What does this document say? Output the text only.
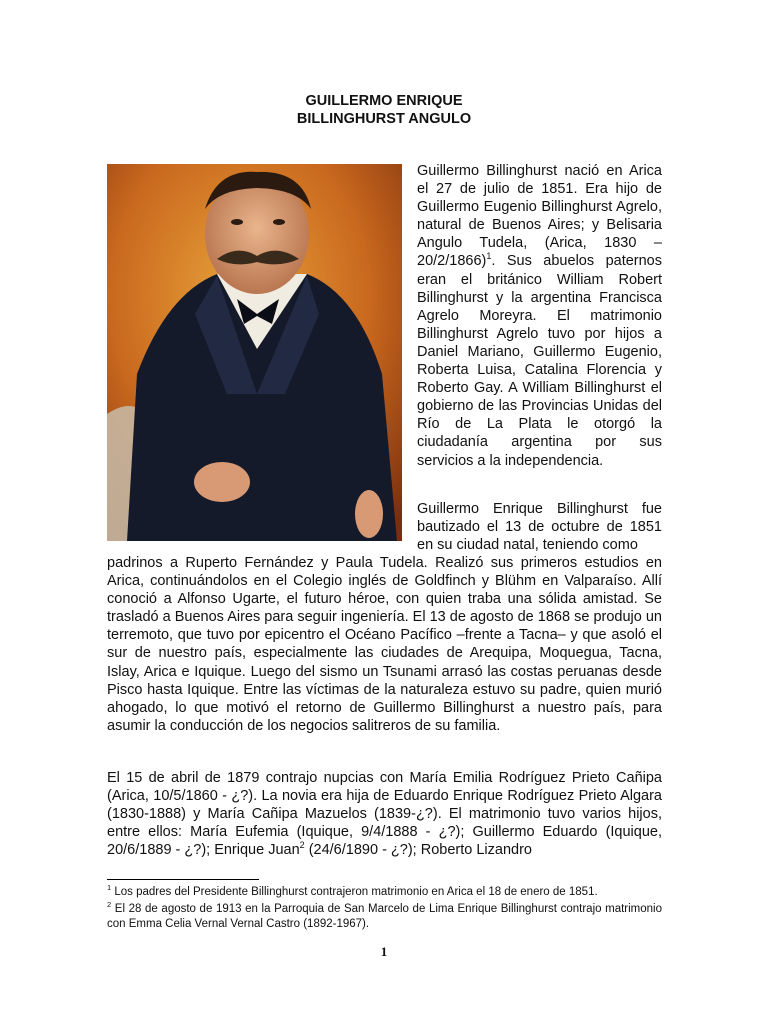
GUILLERMO ENRIQUE
BILLINGHURST ANGULO

Guillermo Billinghurst nació en Arica el 27 de julio de 1851. Era hijo de Guillermo Eugenio Billinghurst Agrelo, natural de Buenos Aires; y Belisaria Angulo Tudela, (Arica, 1830 – 20/2/1866)$^1$. Sus abuelos paternos eran el británico William Robert Billinghurst y la argentina Francisca Agrelo Moreyra. El matrimonio Billinghurst Agrelo tuvo por hijos a Daniel Mariano, Guillermo Eugenio, Roberta Luisa, Catalina Florencia y Roberto Gay. A William Billinghurst el gobierno de las Provincias Unidas del Río de La Plata le otorgó la ciudadanía argentina por sus servicios a la independencia.

Guillermo Enrique Billinghurst fue bautizado el 13 de octubre de 1851 en su ciudad natal, teniendo como

padrinos a Ruperto Fernández y Paula Tudela. Realizó sus primeros estudios en Arica, continuándolos en el Colegio inglés de Goldfinch y Blühm en Valparaíso. Allí conoció a Alfonso Ugarte, el futuro héroe, con quien traba una sólida amistad. Se trasladó a Buenos Aires para seguir ingeniería. El 13 de agosto de 1868 se produjo un terremoto, que tuvo por epicentro el Océano Pacífico –frente a Tacna– y que asoló el sur de nuestro país, especialmente las ciudades de Arequipa, Moquegua, Tacna, Islay, Arica e Iquique. Luego del sismo un Tsunami arrasó las costas peruanas desde Pisco hasta Iquique. Entre las víctimas de la naturaleza estuvo su padre, quien murió ahogado, lo que motivó el retorno de Guillermo Billinghurst a nuestro país, para asumir la conducción de los negocios salitreros de su familia.

El 15 de abril de 1879 contrajo nupcias con María Emilia Rodríguez Prieto Cañipa (Arica, 10/5/1860 - ¿?). La novia era hija de Eduardo Enrique Rodríguez Prieto Algara (1830-1888) y María Cañipa Mazuelos (1839-¿?). El matrimonio tuvo varios hijos, entre ellos: María Eufemia (Iquique, 9/4/1888 - ¿?); Guillermo Eduardo (Iquique, 20/6/1889 - ¿?); Enrique Juan$^2$ (24/6/1890 - ¿?); Roberto Lizandro

$^1$ Los padres del Presidente Billinghurst contrajeron matrimonio en Arica el 18 de enero de 1851.

$^2$ El 28 de agosto de 1913 en la Parroquia de San Marcelo de Lima Enrique Billinghurst contrajo matrimonio con Emma Celia Vernal Vernal Castro (1892-1967).

1
